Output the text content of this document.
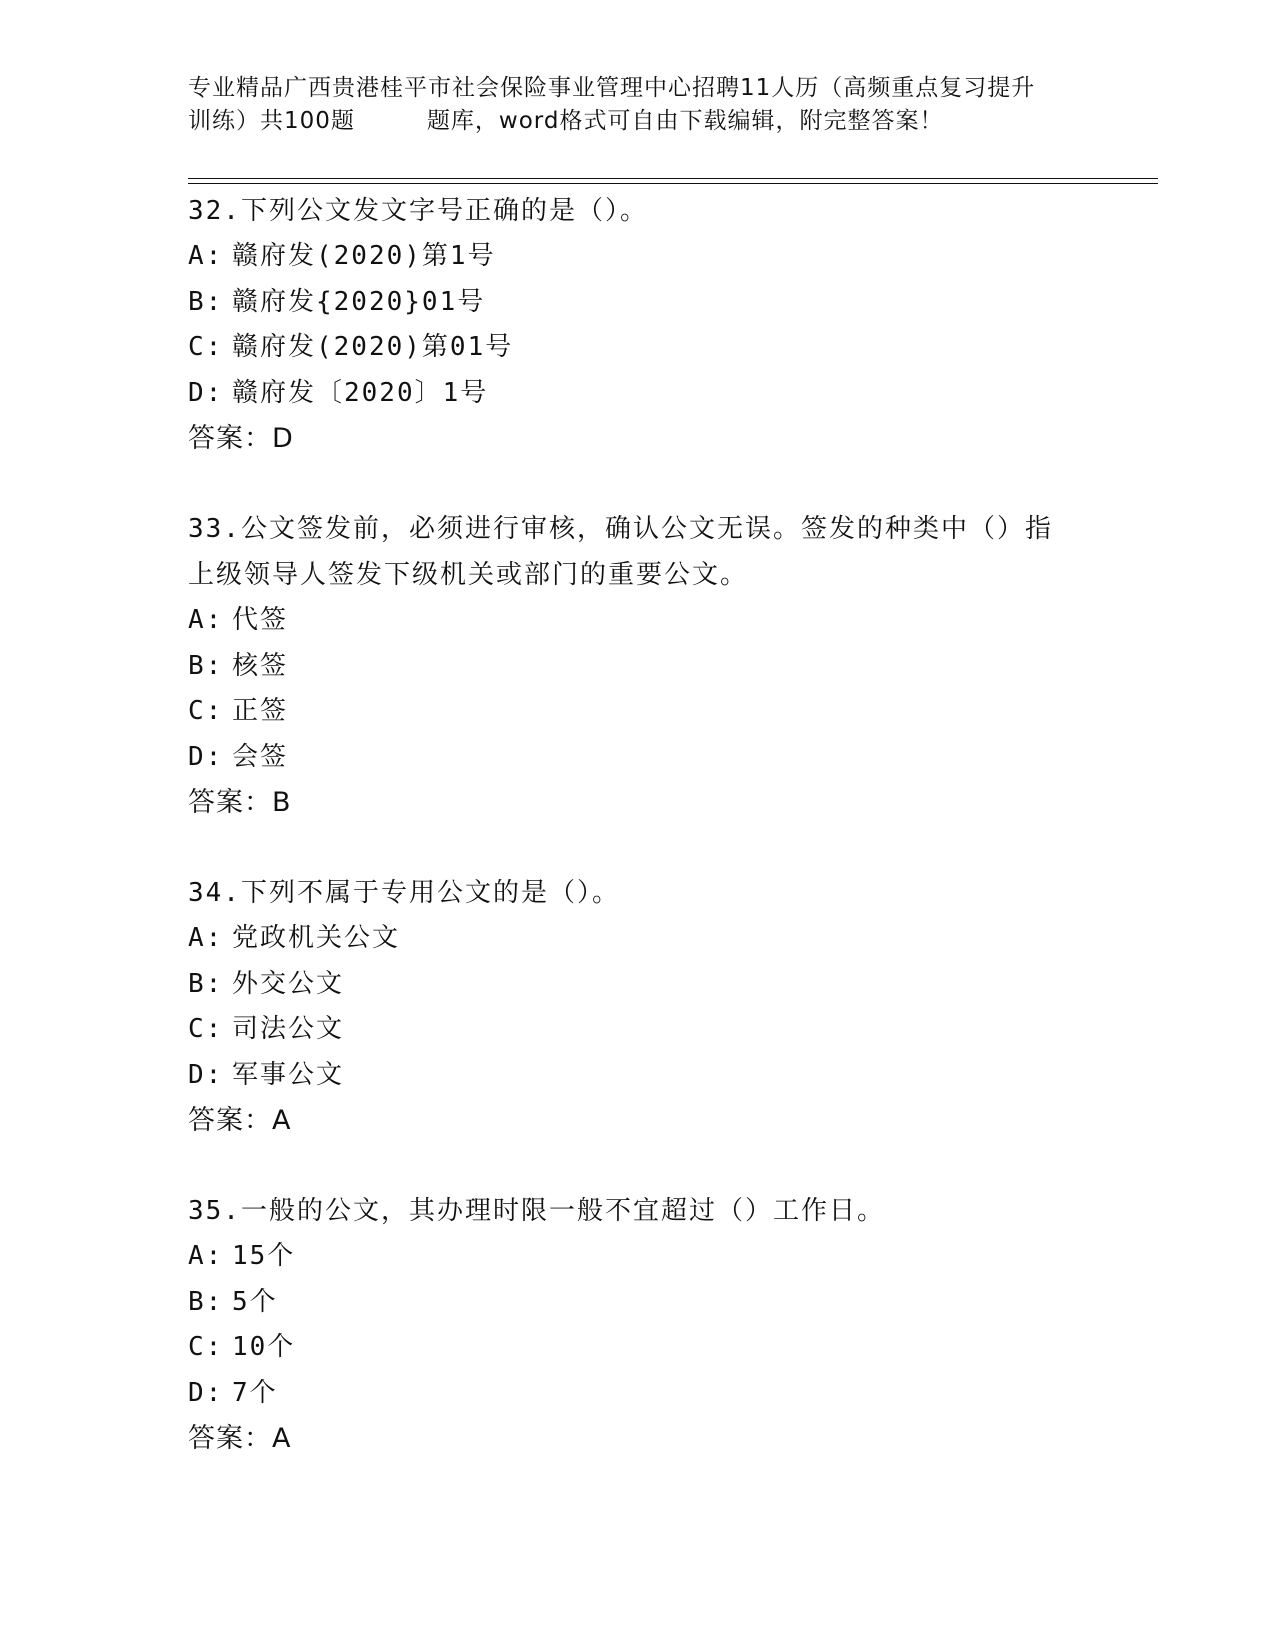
专业精品广西贵港桂平市社会保险事业管理中心招聘11人历（高频重点复习提升
训练）共100题	题库，word格式可自由下载编辑，附完整答案！
32.下列公文发文字号正确的是（）。
A: 赣府发(2020)第1号
B: 赣府发{2020}01号
C: 赣府发(2020)第01号
D: 赣府发〔2020〕1号
答案：D
33.公文签发前，必须进行审核，确认公文无误。签发的种类中（）指
上级领导人签发下级机关或部门的重要公文。
A: 代签
B: 核签
C: 正签
D: 会签
答案：B
34.下列不属于专用公文的是（）。
A: 党政机关公文
B: 外交公文
C: 司法公文
D: 军事公文
答案：A
35.一般的公文，其办理时限一般不宜超过（）工作日。
A: 15个
B: 5个
C: 10个
D: 7个
答案：A
